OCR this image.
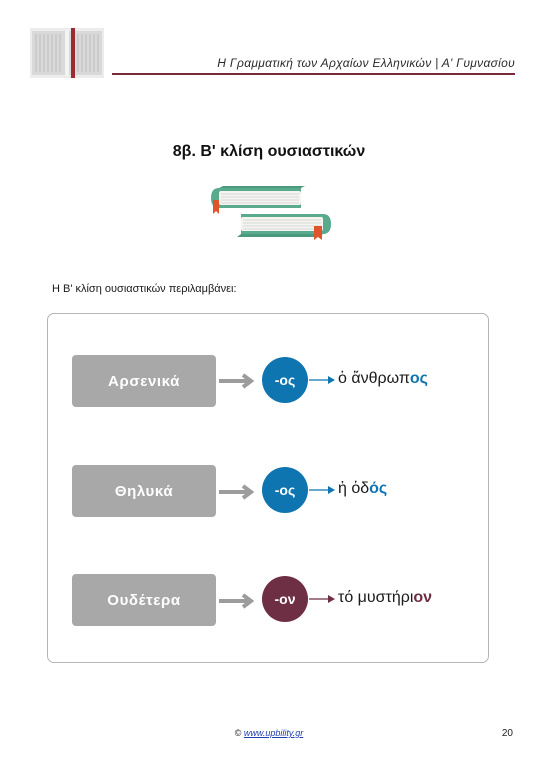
Η Γραμματική των Αρχαίων Ελληνικών | Α' Γυμνασίου
8β. Β' κλίση ουσιαστικών
Η Β' κλίση ουσιαστικών περιλαμβάνει:
Αρσενικά	-ος	ὁ ἄνθρωπος
Θηλυκά	-ος	ἡ ὁδός
Ουδέτερα	-ον	τό μυστήριον
© www.upbility.gr	20
